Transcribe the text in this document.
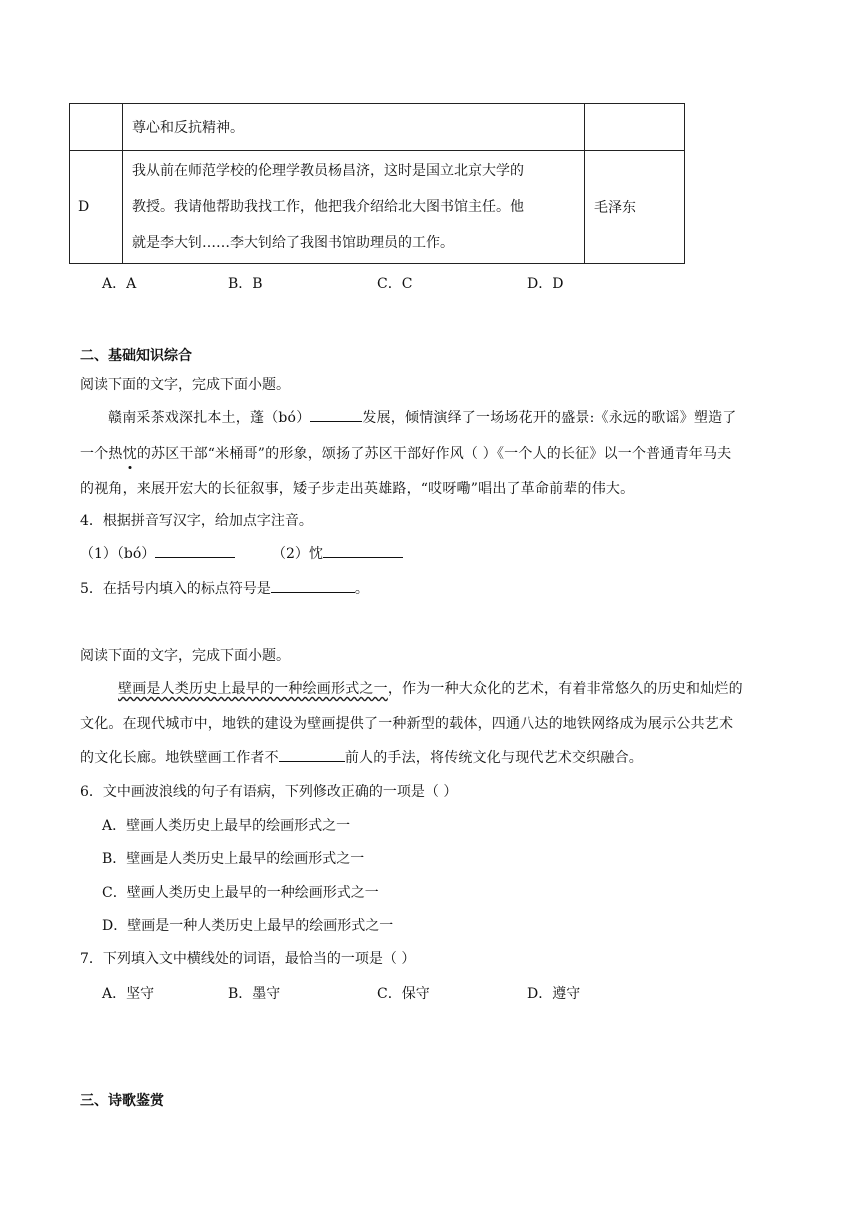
	尊心和反抗精神。	
D	我从前在师范学校的伦理学教员杨昌济，这时是国立北京大学的
教授。我请他帮助我找工作，他把我介绍给北大图书馆主任。他
就是李大钊……李大钊给了我图书馆助理员的工作。	毛泽东
A．A	B．B	C．C	D．D
二、基础知识综合
阅读下面的文字，完成下面小题。
赣南采茶戏深扎本土，蓬（bó）	发展，倾情演绎了一场场花开的盛景:《永远的歌谣》塑造了
一个热忱的苏区干部“米桶哥”的形象，颂扬了苏区干部好作风（ ）《一个人的长征》以一个普通青年马夫
的视角，来展开宏大的长征叙事，矮子步走出英雄路，“哎呀嘞”唱出了革命前辈的伟大。
4．根据拼音写汉字，给加点字注音。
（1）（bó）	（2）忱
5．在括号内填入的标点符号是	。
阅读下面的文字，完成下面小题。
壁画是人类历史上最早的一种绘画形式之一，作为一种大众化的艺术，有着非常悠久的历史和灿烂的
文化。在现代城市中，地铁的建设为壁画提供了一种新型的载体，四通八达的地铁网络成为展示公共艺术
的文化长廊。地铁壁画工作者不	前人的手法，将传统文化与现代艺术交织融合。
6．文中画波浪线的句子有语病，下列修改正确的一项是（ ）
A．壁画人类历史上最早的绘画形式之一
B．壁画是人类历史上最早的绘画形式之一
C．壁画人类历史上最早的一种绘画形式之一
D．壁画是一种人类历史上最早的绘画形式之一
7．下列填入文中横线处的词语，最恰当的一项是（ ）
A．坚守	B．墨守	C．保守	D．遵守
三、诗歌鉴赏
